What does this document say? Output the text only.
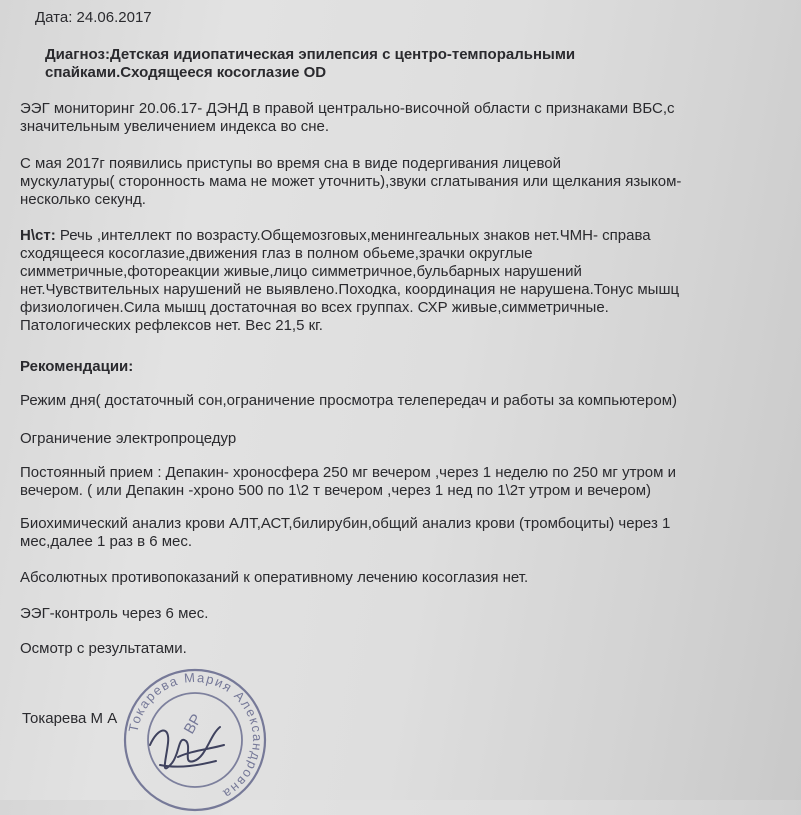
Дата: 24.06.2017

Диагноз:Детская идиопатическая эпилепсия с центро-темпоральными
спайками.Сходящееся косоглазие OD

ЭЭГ мониторинг 20.06.17- ДЭНД в правой центрально-височной области с признаками ВБС,с
значительным увеличением индекса во сне.

С мая 2017г появились приступы во время сна в виде подергивания лицевой
мускулатуры( сторонность мама не может уточнить),звуки сглатывания или щелкания языком-
несколько секунд.

Н\ст: Речь ,интеллект по возрасту.Общемозговых,менингеальных знаков нет.ЧМН- справа
сходящееся косоглазие,движения глаз в полном обьеме,зрачки округлые
симметричные,фотореакции живые,лицо симметричное,бульбарных нарушений
нет.Чувствительных нарушений не выявлено.Походка, координация не нарушена.Тонус мышц
физиологичен.Сила мышц достаточная во всех группах. СХР живые,симметричные.
Патологических рефлексов нет. Вес 21,5 кг.

Рекомендации:

Режим дня( достаточный сон,ограничение просмотра телепередач и работы за компьютером)

Ограничение электропроцедур

Постоянный прием : Депакин- хроносфера 250 мг вечером ,через 1 неделю по 250 мг утром и
вечером. ( или Депакин -хроно 500 по 1\2 т вечером ,через 1 нед по 1\2т утром и вечером)

Биохимический анализ крови АЛТ,АСТ,билирубин,общий анализ крови (тромбоциты) через 1
мес,далее 1 раз в 6 мес.

Абсолютных противопоказаний к оперативному лечению косоглазия нет.

ЭЭГ-контроль через 6 мес.

Осмотр с результатами.

Токарева М А
Токарева Мария Александровна
ВР
